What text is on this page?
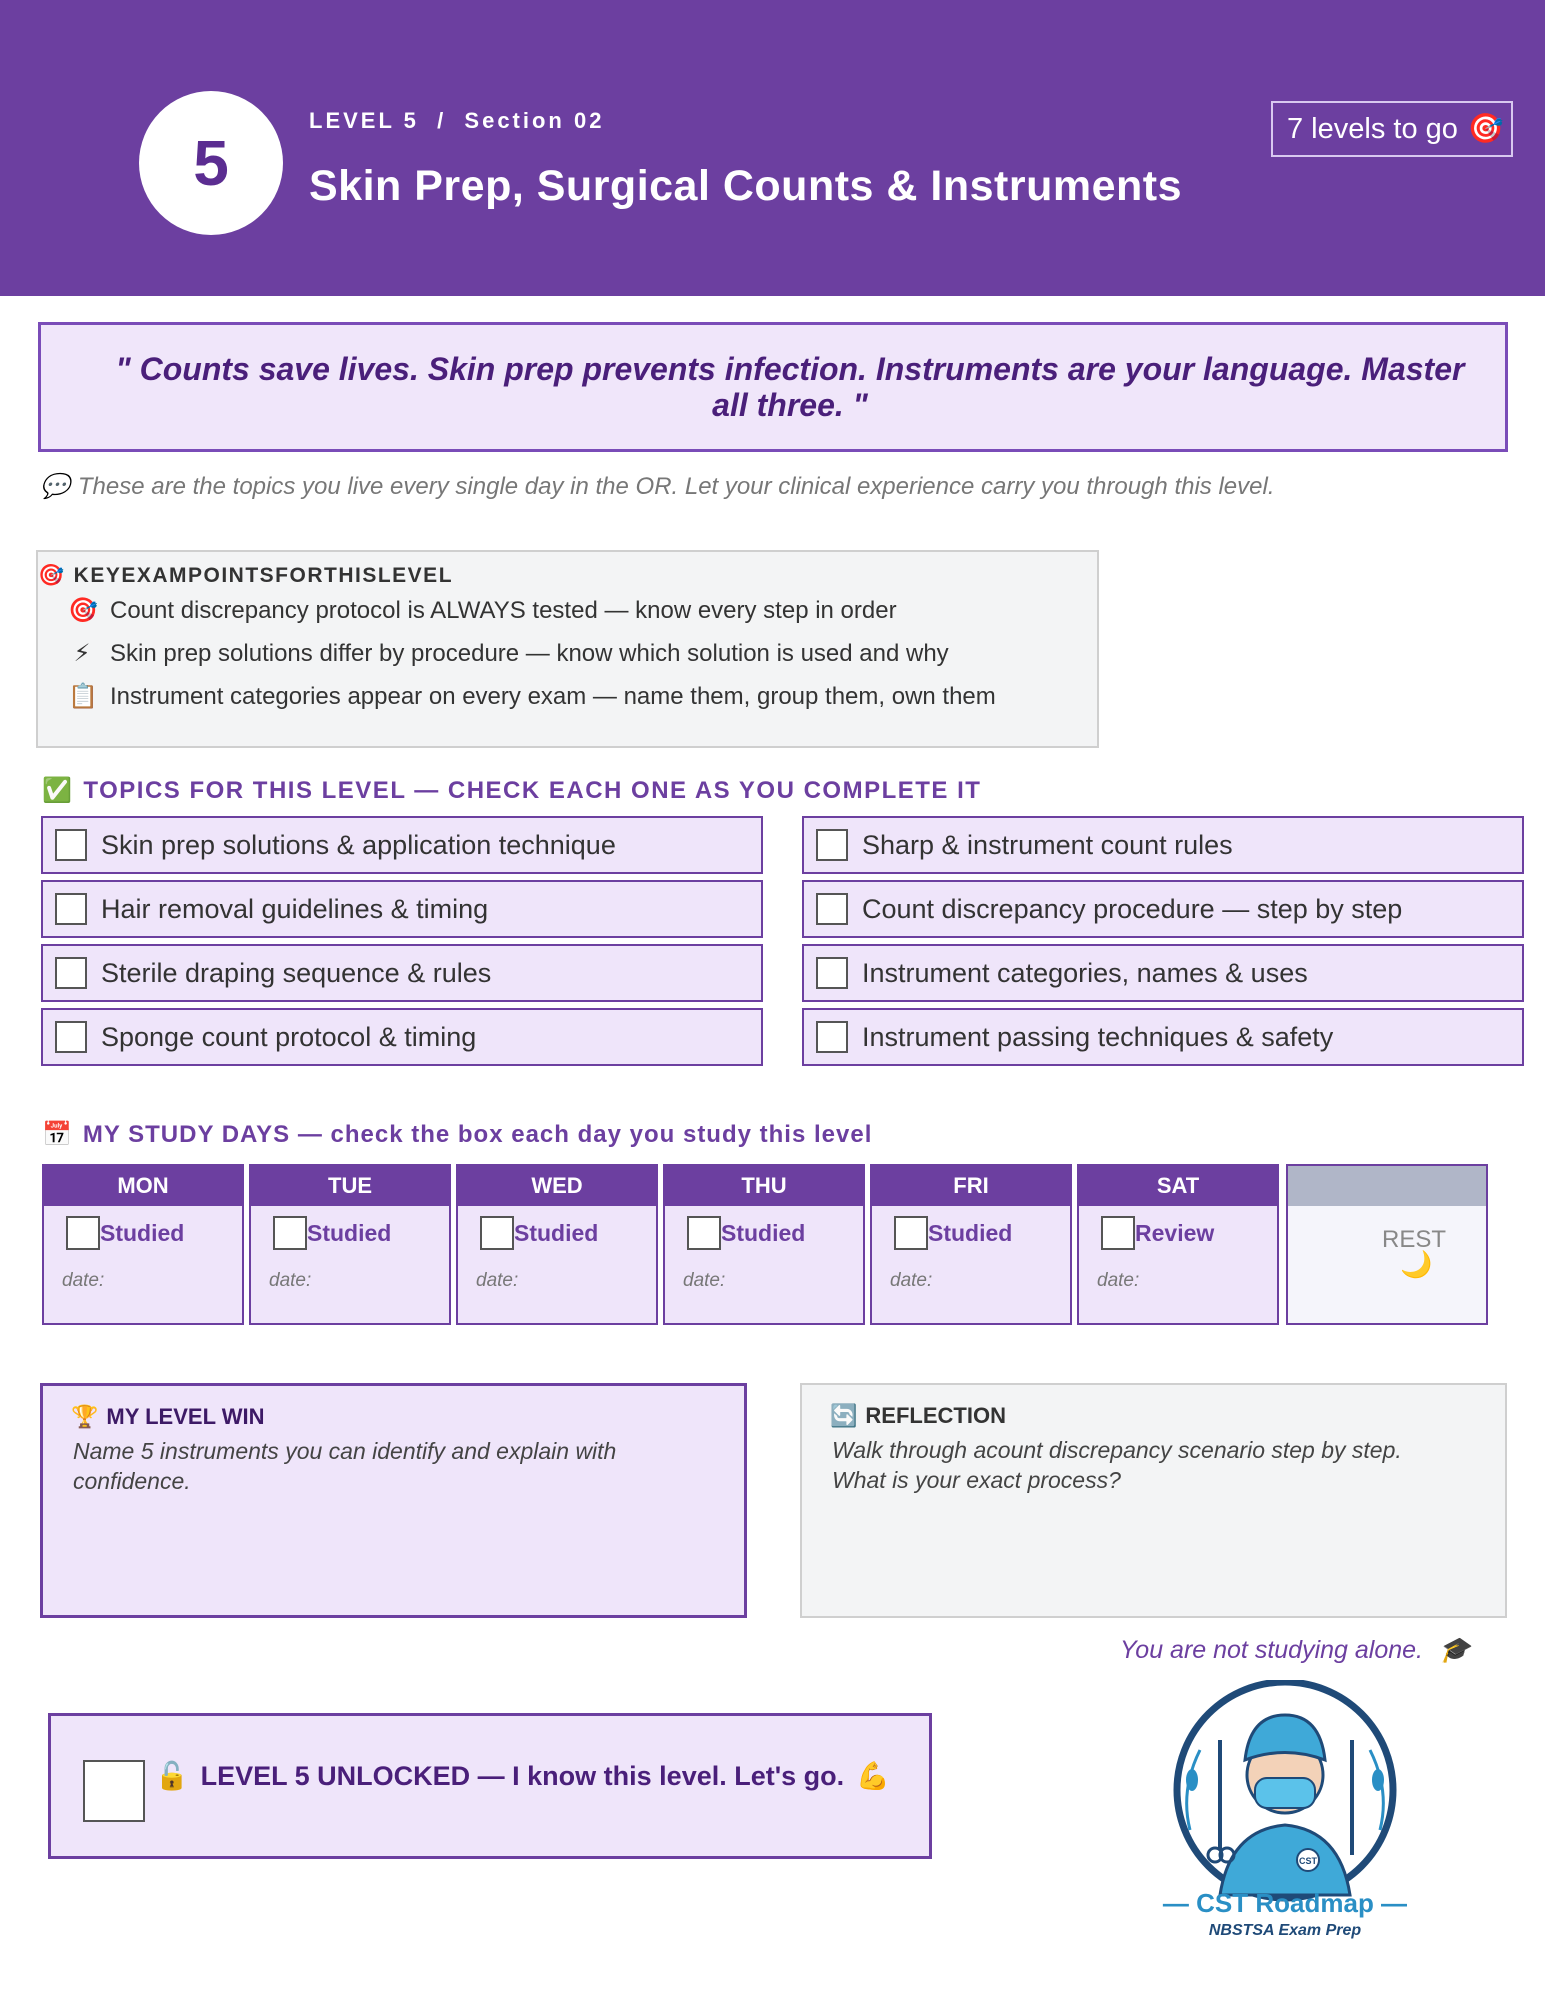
5
LEVEL 5  /  Section 02
Skin Prep, Surgical Counts & Instruments
7 levels to go 🎯
" Counts save lives. Skin prep prevents infection. Instruments are your language. Master all three. "
💬 These are the topics you live every single day in the OR. Let your clinical experience carry you through this level.
🎯 KEYEXAMPOINTSFORTHISLEVEL
🎯 Count discrepancy protocol is ALWAYS tested — know every step in order
⚡ Skin prep solutions differ by procedure — know which solution is used and why
📋 Instrument categories appear on every exam — name them, group them, own them
✅ TOPICS FOR THIS LEVEL — CHECK EACH ONE AS YOU COMPLETE IT
Skin prep solutions & application technique
Hair removal guidelines & timing
Sterile draping sequence & rules
Sponge count protocol & timing
Sharp & instrument count rules
Count discrepancy procedure — step by step
Instrument categories, names & uses
Instrument passing techniques & safety
📅 MY STUDY DAYS — check the box each day you study this level
MON
Studied
date:
TUE
Studied
date:
WED
Studied
date:
THU
Studied
date:
FRI
Studied
date:
SAT
Review
date:
REST
🌙
🏆 MY LEVEL WIN
Name 5 instruments you can identify and explain with confidence.
🔄 REFLECTION
Walk through acount discrepancy scenario step by step. What is your exact process?
You are not studying alone. 🎓
🔓 LEVEL 5 UNLOCKED — I know this level. Let's go. 💪
CST
— CST Roadmap —
NBSTSA Exam Prep
